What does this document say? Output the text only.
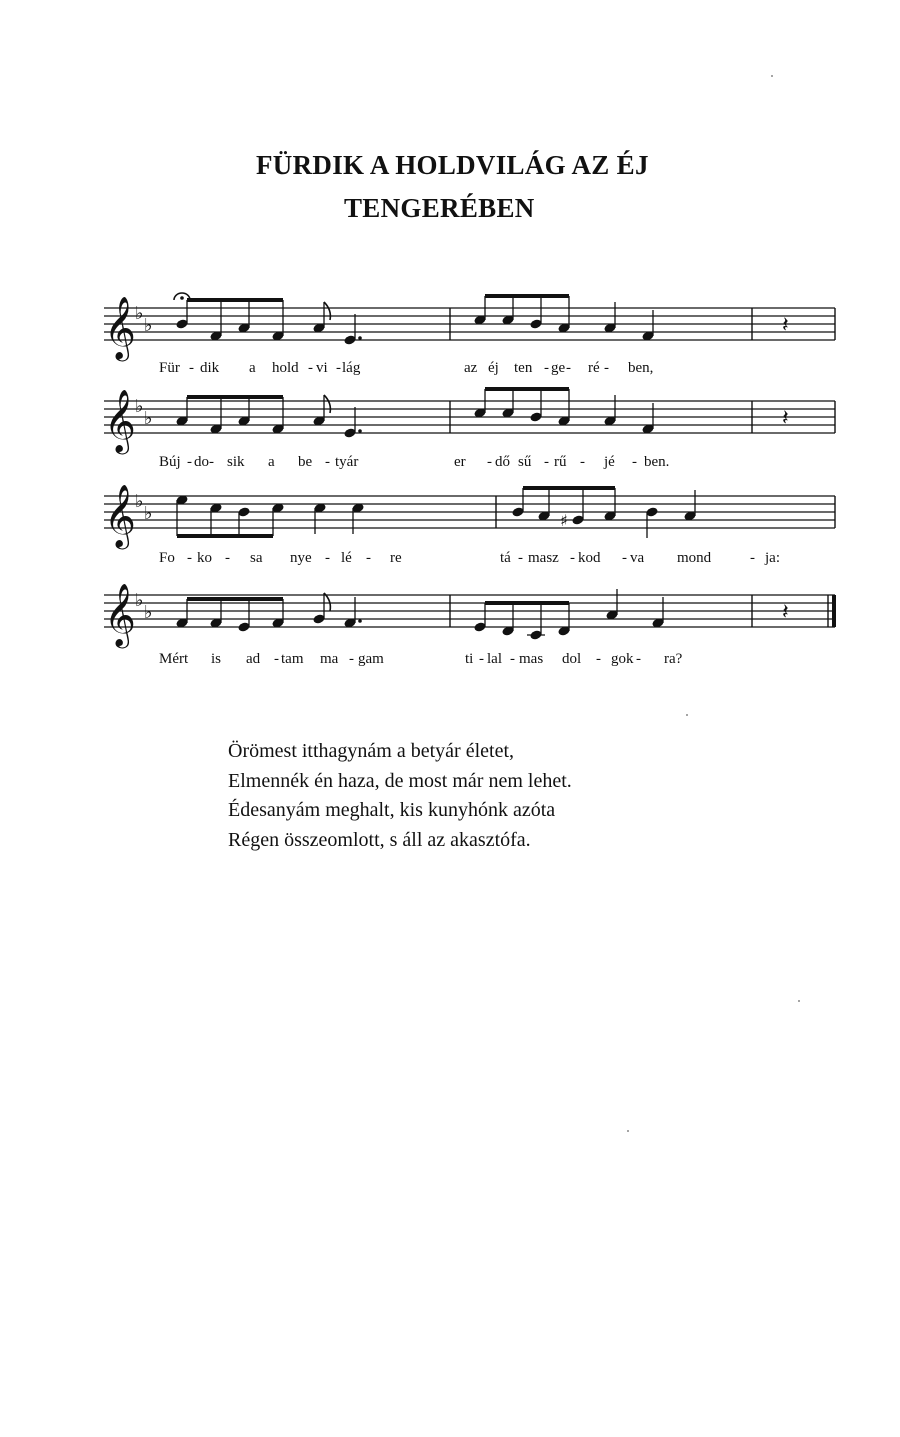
FÜRDIK A HOLDVILÁG AZ ÉJ
TENGERÉBEN
𝄞 ♭
♭	𝄽
Für - dik a hold - vi - lág	az éj ten - ge - ré - ben,
𝄞 ♭
♭	𝄽
Búj - do - sik a be - tyár	er - dő sű - rű - jé - ben.
𝄞 ♭
♭	♯
Fo - ko - sa nye - lé - re	tá - masz - kod - va mond	- ja:
𝄞 ♭
♭	𝄽
Mért is ad - tam ma - gam	ti - lal - mas dol - gok - ra?
Örömest itthagynám a betyár életet,
Elmennék én haza, de most már nem lehet.
Édesanyám meghalt, kis kunyhónk azóta
Régen összeomlott, s áll az akasztófa.
